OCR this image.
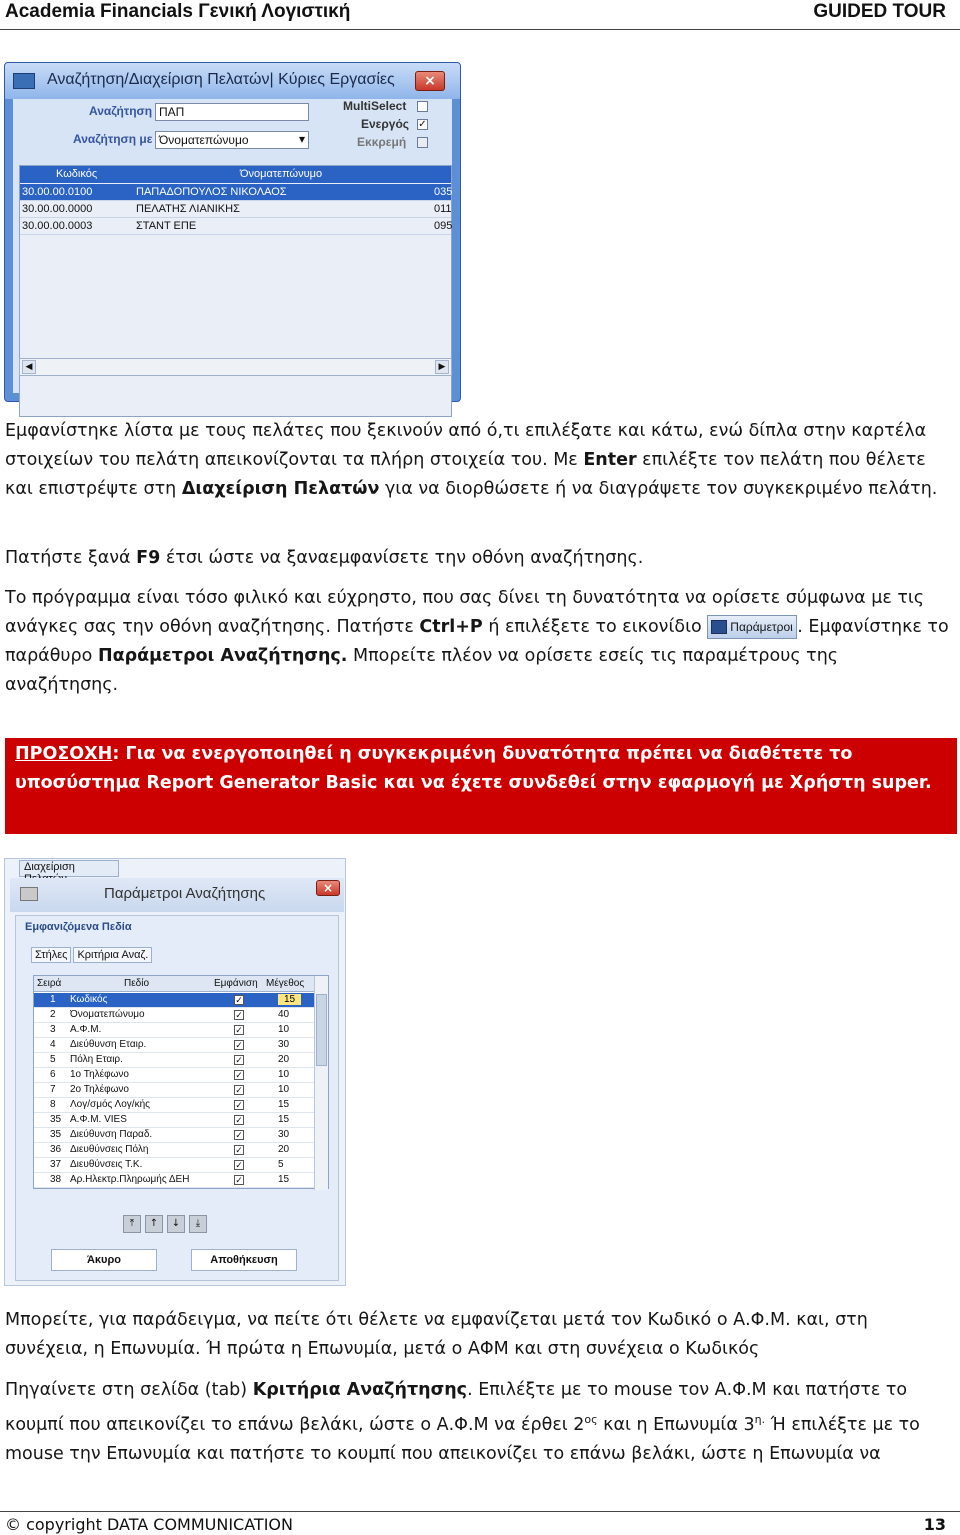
Academia Financials Γενική Λογιστική	GUIDED TOUR
Αναζήτηση/Διαχείριση Πελατών| Κύριες Εργασίες	×
Αναζήτηση ΠΑΠ
Αναζήτηση με Όνοματεπώνυμο	▾
MultiSelect
Ενεργός ✓
Εκκρεμή
Κωδικός	Όνοματεπώνυμο
30.00.00.0100	ΠΑΠΑΔΟΠΟΥΛΟΣ ΝΙΚΟΛΑΟΣ	035
30.00.00.0000	ΠΕΛΑΤΗΣ ΛΙΑΝΙΚΗΣ	011
30.00.00.0003	ΣΤΑΝΤ ΕΠΕ	095
◀	▶
Εμφανίστηκε λίστα με τους πελάτες που ξεκινούν από ό,τι επιλέξατε και κάτω, ενώ δίπλα στην καρτέλα στοιχείων του πελάτη απεικονίζονται τα πλήρη στοιχεία του. Με Enter επιλέξτε τον πελάτη που θέλετε και επιστρέψτε στη Διαχείριση Πελατών για να διορθώσετε ή να διαγράψετε τον συγκεκριμένο πελάτη.
Πατήστε ξανά F9 έτσι ώστε να ξαναεμφανίσετε την οθόνη αναζήτησης.
Το πρόγραμμα είναι τόσο φιλικό και εύχρηστο, που σας δίνει τη δυνατότητα να ορίσετε σύμφωνα με τις ανάγκες σας την οθόνη αναζήτησης. Πατήστε Ctrl+P ή επιλέξετε το εικονίδιο
Παράμετροι . Εμφανίστηκε το παράθυρο Παράμετροι Αναζήτησης. Μπορείτε πλέον να ορίσετε εσείς τις παραμέτρους της αναζήτησης.
ΠΡΟΣΟΧΗ: Για να ενεργοποιηθεί η συγκεκριμένη δυνατότητα πρέπει να διαθέτετε το υποσύστημα Report Generator Basic και να έχετε συνδεθεί στην εφαρμογή με Χρήστη super.
Διαχείριση
Παράμετροι Αναζήτησης	×
Εμφανιζόμενα Πεδία
Στήλες Κριτήρια Αναζ.
Σειρά	Πεδίο	Εμφάνιση Μέγεθος
1 Κωδικός	✓	15
2 Όνοματεπώνυμο	✓	40
3 Α.Φ.Μ.	✓	10
4 Διεύθυνση Εταιρ.	✓	30
5 Πόλη Εταιρ.	✓	20
6 1ο Τηλέφωνο	✓	10
7 2ο Τηλέφωνο	✓	10
8 Λογ/σμός Λογ/κής	✓	15
35 Α.Φ.Μ. VIES	✓	15
35 Διεύθυνση Παραδ.	✓	30
36 Διευθύνσεις Πόλη	✓	20
37 Διευθύνσεις Τ.Κ.	✓	5
38 Αρ.Ηλεκτρ.Πληρωμής ΔΕΗ	✓	15
⤒ ↑ ↓ ⤓
Άκυρο	Αποθήκευση
Μπορείτε, για παράδειγμα, να πείτε ότι θέλετε να εμφανίζεται μετά τον Κωδικό ο Α.Φ.Μ. και, στη συνέχεια, η Επωνυμία. Ή πρώτα η Επωνυμία, μετά ο ΑΦΜ και στη συνέχεια ο Κωδικός
Πηγαίνετε στη σελίδα (tab) Κριτήρια Αναζήτησης. Επιλέξτε με το mouse τον Α.Φ.Μ και πατήστε το κουμπί που απεικονίζει το επάνω βελάκι, ώστε ο Α.Φ.Μ να έρθει $2^{o\varsigma}$ και η Επωνυμία $3^{\eta.}$ Ή επιλέξτε με το mouse την Επωνυμία και πατήστε το κουμπί που απεικονίζει το επάνω βελάκι, ώστε η Επωνυμία να
© copyright DATA COMMUNICATION	13
